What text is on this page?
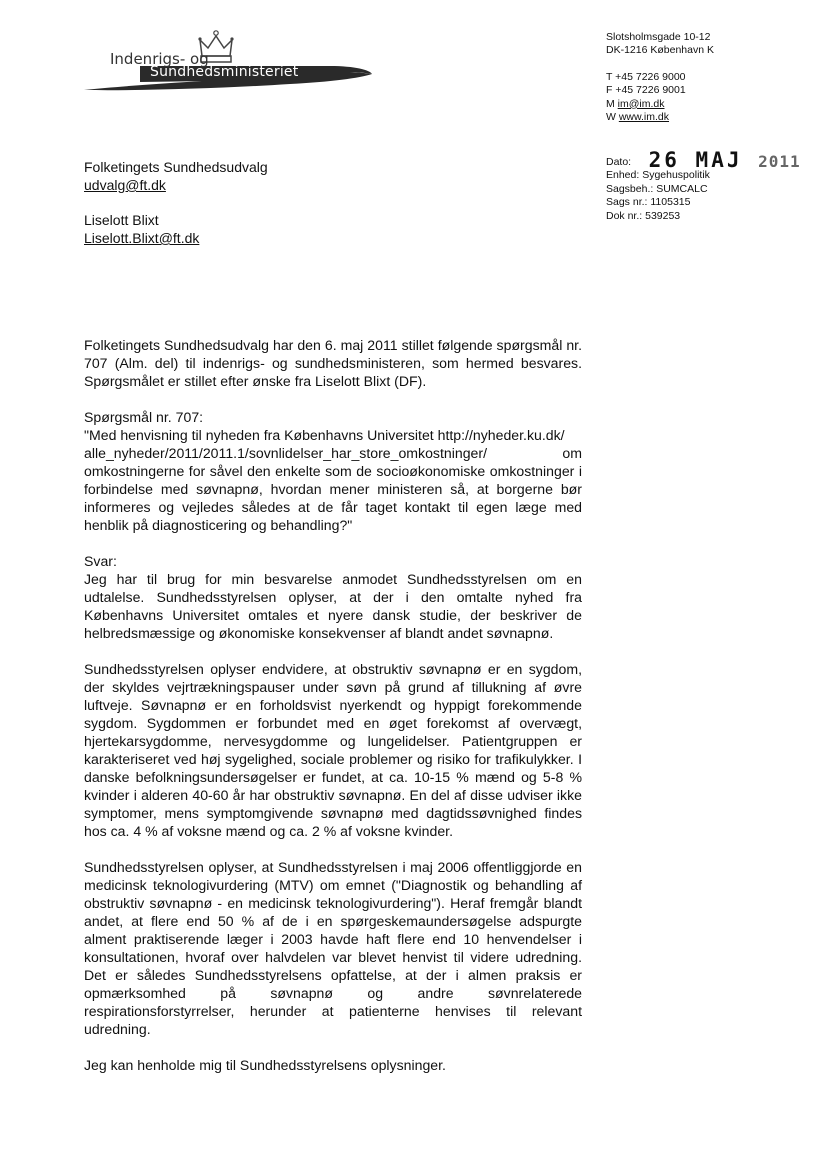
Indenrigs- og
Sundhedsministeriet
Slotsholmsgade 10-12
DK-1216 København K
T +45 7226 9000
F +45 7226 9001
M im@im.dk
W www.im.dk
Dato: 26 MAJ 2011
Enhed: Sygehuspolitik
Sagsbeh.: SUMCALC
Sags nr.: 1105315
Dok nr.: 539253
Folketingets Sundhedsudvalg
udvalg@ft.dk
Liselott Blixt
Liselott.Blixt@ft.dk

Folketingets Sundhedsudvalg har den 6. maj 2011 stillet følgende spørgsmål nr. 707 (Alm. del) til indenrigs- og sundhedsministeren, som hermed besvares. Spørgsmålet er stillet efter ønske fra Liselott Blixt (DF).

Spørgsmål nr. 707:
"Med henvisning til nyheden fra Københavns Universitet http://nyheder.ku.dk/
alle_nyheder/2011/2011.1/sovnlidelser_har_store_omkostninger/ om omkostningerne for såvel den enkelte som de socioøkonomiske omkostninger i forbindelse med søvnapnø, hvordan mener ministeren så, at borgerne bør informeres og vejledes således at de får taget kontakt til egen læge med henblik på diagnosticering og behandling?"

Svar:
Jeg har til brug for min besvarelse anmodet Sundhedsstyrelsen om en udtalelse. Sundhedsstyrelsen oplyser, at der i den omtalte nyhed fra Københavns Universitet omtales et nyere dansk studie, der beskriver de helbredsmæssige og økonomiske konsekvenser af blandt andet søvnapnø.

Sundhedsstyrelsen oplyser endvidere, at obstruktiv søvnapnø er en sygdom, der skyldes vejrtrækningspauser under søvn på grund af tillukning af øvre luftveje. Søvnapnø er en forholdsvist nyerkendt og hyppigt forekommende sygdom. Sygdommen er forbundet med en øget forekomst af overvægt, hjertekarsygdomme, nervesygdomme og lungelidelser. Patientgruppen er karakteriseret ved høj sygelighed, sociale problemer og risiko for trafikulykker. I danske befolkningsundersøgelser er fundet, at ca. 10-15 % mænd og 5-8 % kvinder i alderen 40-60 år har obstruktiv søvnapnø. En del af disse udviser ikke symptomer, mens symptomgivende søvnapnø med dagtidssøvnighed findes hos ca. 4 % af voksne mænd og ca. 2 % af voksne kvinder.

Sundhedsstyrelsen oplyser, at Sundhedsstyrelsen i maj 2006 offentliggjorde en medicinsk teknologivurdering (MTV) om emnet ("Diagnostik og behandling af obstruktiv søvnapnø - en medicinsk teknologivurdering"). Heraf fremgår blandt andet, at flere end 50 % af de i en spørgeskemaundersøgelse adspurgte alment praktiserende læger i 2003 havde haft flere end 10 henvendelser i konsultationen, hvoraf over halvdelen var blevet henvist til videre udredning. Det er således Sundhedsstyrelsens opfattelse, at der i almen praksis er opmærksomhed på søvnapnø og andre søvnrelaterede respirationsforstyrrelser, herunder at patienterne henvises til relevant udredning.

Jeg kan henholde mig til Sundhedsstyrelsens oplysninger.
